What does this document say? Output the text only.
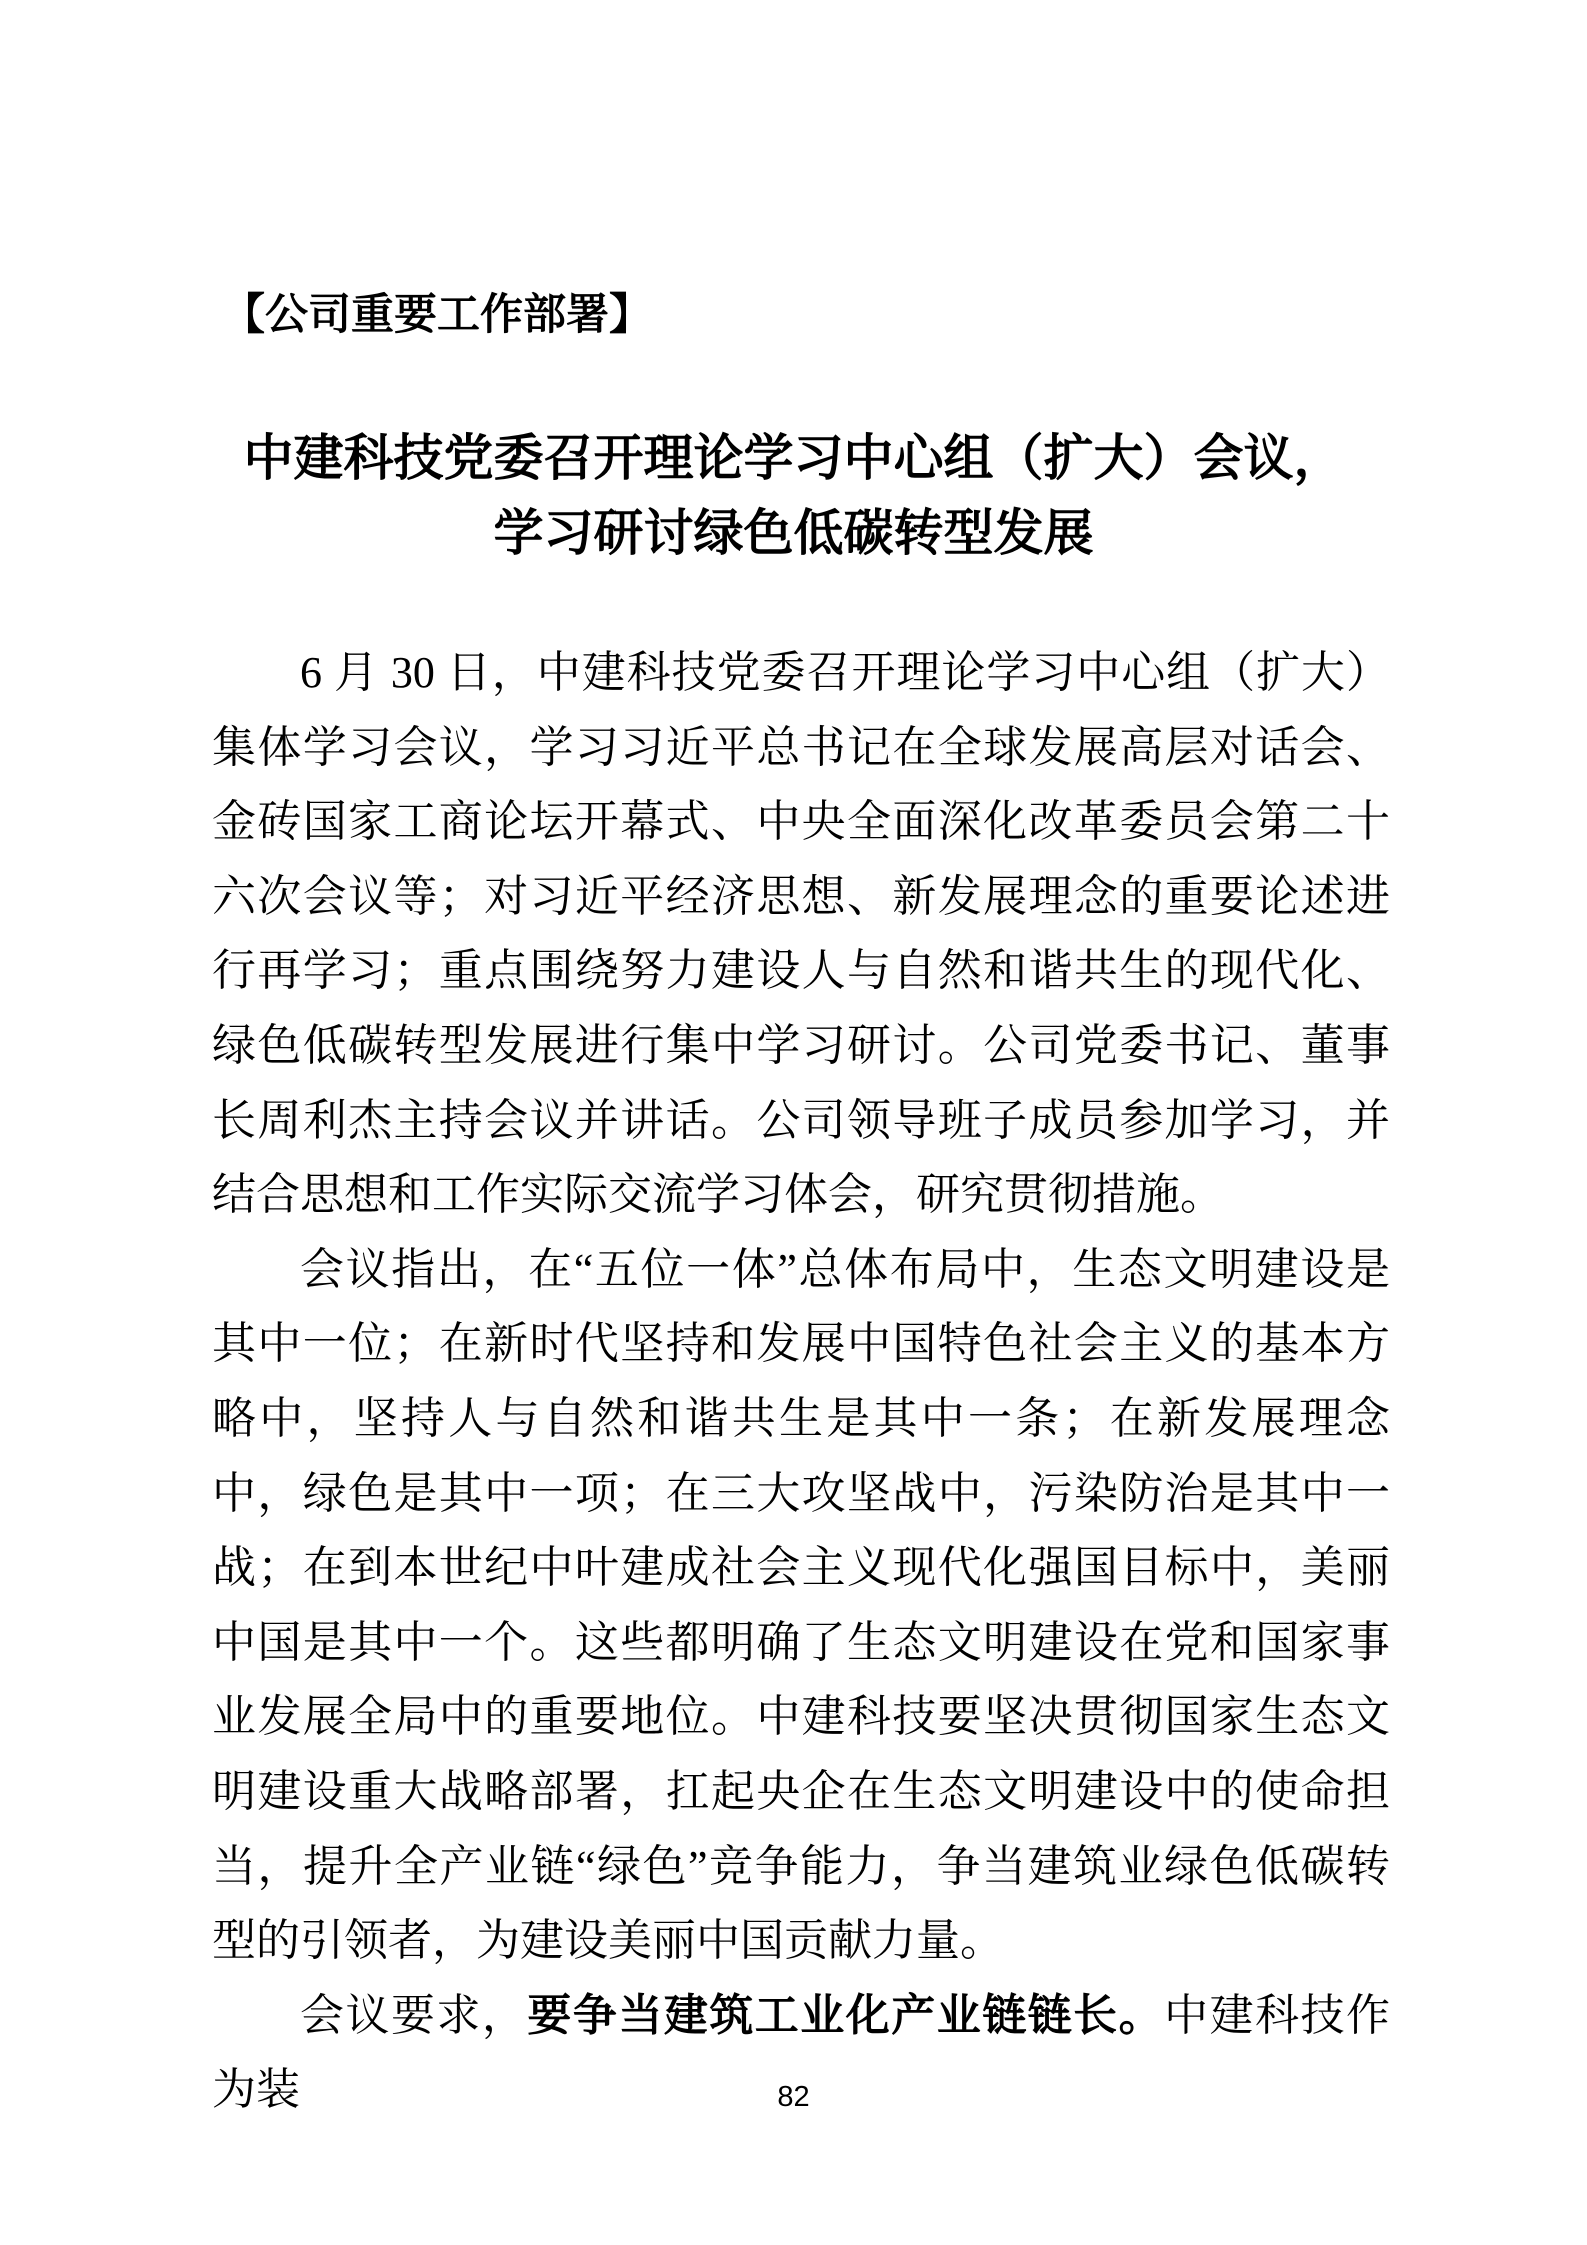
【公司重要工作部署】
中建科技党委召开理论学习中心组（扩大）会议，
学习研讨绿色低碳转型发展

6 月 30 日，中建科技党委召开理论学习中心组（扩大）集体学习会议，学习习近平总书记在全球发展高层对话会、金砖国家工商论坛开幕式、中央全面深化改革委员会第二十六次会议等；对习近平经济思想、新发展理念的重要论述进行再学习；重点围绕努力建设人与自然和谐共生的现代化、绿色低碳转型发展进行集中学习研讨。公司党委书记、董事长周利杰主持会议并讲话。公司领导班子成员参加学习，并结合思想和工作实际交流学习体会，研究贯彻措施。

会议指出，在“五位一体”总体布局中，生态文明建设是其中一位；在新时代坚持和发展中国特色社会主义的基本方略中，坚持人与自然和谐共生是其中一条；在新发展理念中，绿色是其中一项；在三大攻坚战中，污染防治是其中一战；在到本世纪中叶建成社会主义现代化强国目标中，美丽中国是其中一个。这些都明确了生态文明建设在党和国家事业发展全局中的重要地位。中建科技要坚决贯彻国家生态文明建设重大战略部署，扛起央企在生态文明建设中的使命担当，提升全产业链“绿色”竞争能力，争当建筑业绿色低碳转型的引领者，为建设美丽中国贡献力量。

会议要求，要争当建筑工业化产业链链长。中建科技作为装	82
